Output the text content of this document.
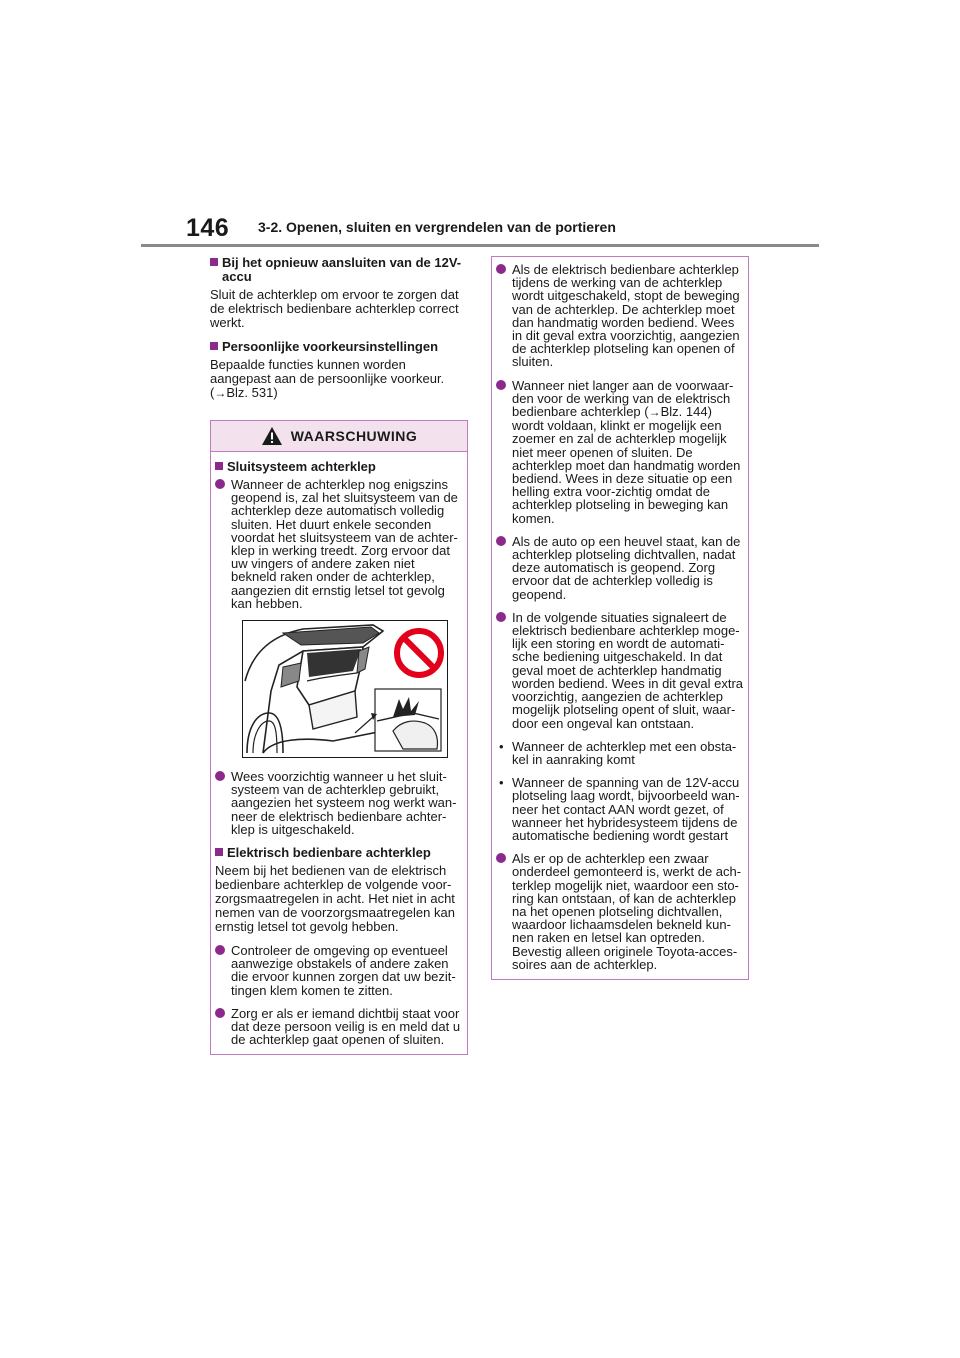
146 3-2. Openen, sluiten en vergrendelen van de portieren
Bij het opnieuw aansluiten van de 12V-accu

Sluit de achterklep om ervoor te zorgen dat de elektrisch bedienbare achterklep correct werkt.

Persoonlijke voorkeursinstellingen

Bepaalde functies kunnen worden aangepast aan de persoonlijke voorkeur. (→Blz. 531)

WAARSCHUWING
Sluitsysteem achterklep
Wanneer de achterklep nog enigszins geopend is, zal het sluitsysteem van de achterklep deze automatisch volledig sluiten. Het duurt enkele seconden voordat het sluitsysteem van de achter-klep in werking treedt. Zorg ervoor dat uw vingers of andere zaken niet bekneld raken onder de achterklep, aangezien dit ernstig letsel tot gevolg kan hebben.
Wees voorzichtig wanneer u het sluit-systeem van de achterklep gebruikt, aangezien het systeem nog werkt wan-neer de elektrisch bedienbare achter-klep is uitgeschakeld.
Elektrisch bedienbare achterklep

Neem bij het bedienen van de elektrisch bedienbare achterklep de volgende voor-zorgsmaatregelen in acht. Het niet in acht nemen van de voorzorgsmaatregelen kan ernstig letsel tot gevolg hebben.

Controleer de omgeving op eventueel aanwezige obstakels of andere zaken die ervoor kunnen zorgen dat uw bezit-tingen klem komen te zitten.
Zorg er als er iemand dichtbij staat voor dat deze persoon veilig is en meld dat u de achterklep gaat openen of sluiten.
Als de elektrisch bedienbare achterklep tijdens de werking van de achterklep wordt uitgeschakeld, stopt de beweging van de achterklep. De achterklep moet dan handmatig worden bediend. Wees in dit geval extra voorzichtig, aangezien de achterklep plotseling kan openen of sluiten.
Wanneer niet langer aan de voorwaar-den voor de werking van de elektrisch bedienbare achterklep (→Blz. 144) wordt voldaan, klinkt er mogelijk een zoemer en zal de achterklep mogelijk niet meer openen of sluiten. De achterklep moet dan handmatig worden bediend. Wees in deze situatie op een helling extra voor-zichtig omdat de achterklep plotseling in beweging kan komen.
Als de auto op een heuvel staat, kan de achterklep plotseling dichtvallen, nadat deze automatisch is geopend. Zorg ervoor dat de achterklep volledig is geopend.
In de volgende situaties signaleert de elektrisch bedienbare achterklep moge-lijk een storing en wordt de automati-sche bediening uitgeschakeld. In dat geval moet de achterklep handmatig worden bediend. Wees in dit geval extra voorzichtig, aangezien de achterklep mogelijk plotseling opent of sluit, waar-door een ongeval kan ontstaan.
• Wanneer de achterklep met een obsta-kel in aanraking komt
• Wanneer de spanning van de 12V-accu plotseling laag wordt, bijvoorbeeld wan-neer het contact AAN wordt gezet, of wanneer het hybridesysteem tijdens de automatische bediening wordt gestart
Als er op de achterklep een zwaar onderdeel gemonteerd is, werkt de ach-terklep mogelijk niet, waardoor een sto-ring kan ontstaan, of kan de achterklep na het openen plotseling dichtvallen, waardoor lichaamsdelen bekneld kun-nen raken en letsel kan optreden. Bevestig alleen originele Toyota-acces-soires aan de achterklep.
